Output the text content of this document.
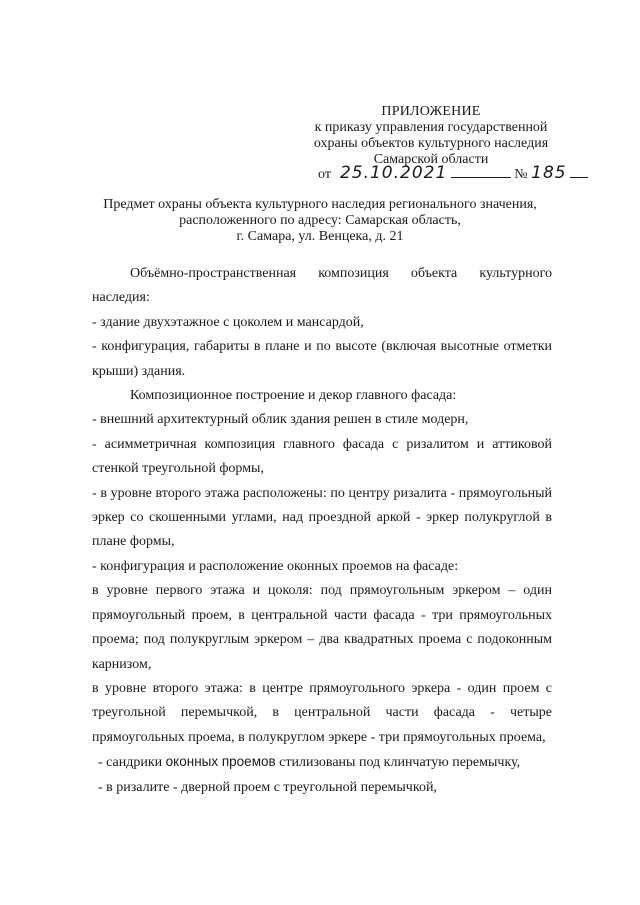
ПРИЛОЖЕНИЕ
к приказу управления государственной
охраны объектов культурного наследия
Самарской области
от 25.10.2021	№ 185
Предмет охраны объекта культурного наследия регионального значения,
расположенного по адресу: Самарская область,
г. Самара, ул. Венцека, д. 21

Объёмно-пространственная композиция объекта культурного наследия:

- здание двухэтажное с цоколем и мансардой,

- конфигурация, габариты в плане и по высоте (включая высотные отметки крыши) здания.

Композиционное построение и декор главного фасада:

- внешний архитектурный облик здания решен в стиле модерн,

- асимметричная композиция главного фасада с ризалитом и аттиковой стенкой треугольной формы,

- в уровне второго этажа расположены: по центру ризалита - прямоугольный эркер со скошенными углами, над проездной аркой - эркер полукруглой в плане формы,

- конфигурация и расположение оконных проемов на фасаде:

в уровне первого этажа и цоколя: под прямоугольным эркером – один прямоугольный проем, в центральной части фасада - три прямоугольных проема; под полукруглым эркером – два квадратных проема с подоконным карнизом,

в уровне второго этажа: в центре прямоугольного эркера - один проем с треугольной перемычкой, в центральной части фасада - четыре прямоугольных проема, в полукруглом эркере - три прямоугольных проема,

- сандрики оконных проемов стилизованы под клинчатую перемычку,

- в ризалите - дверной проем с треугольной перемычкой,
